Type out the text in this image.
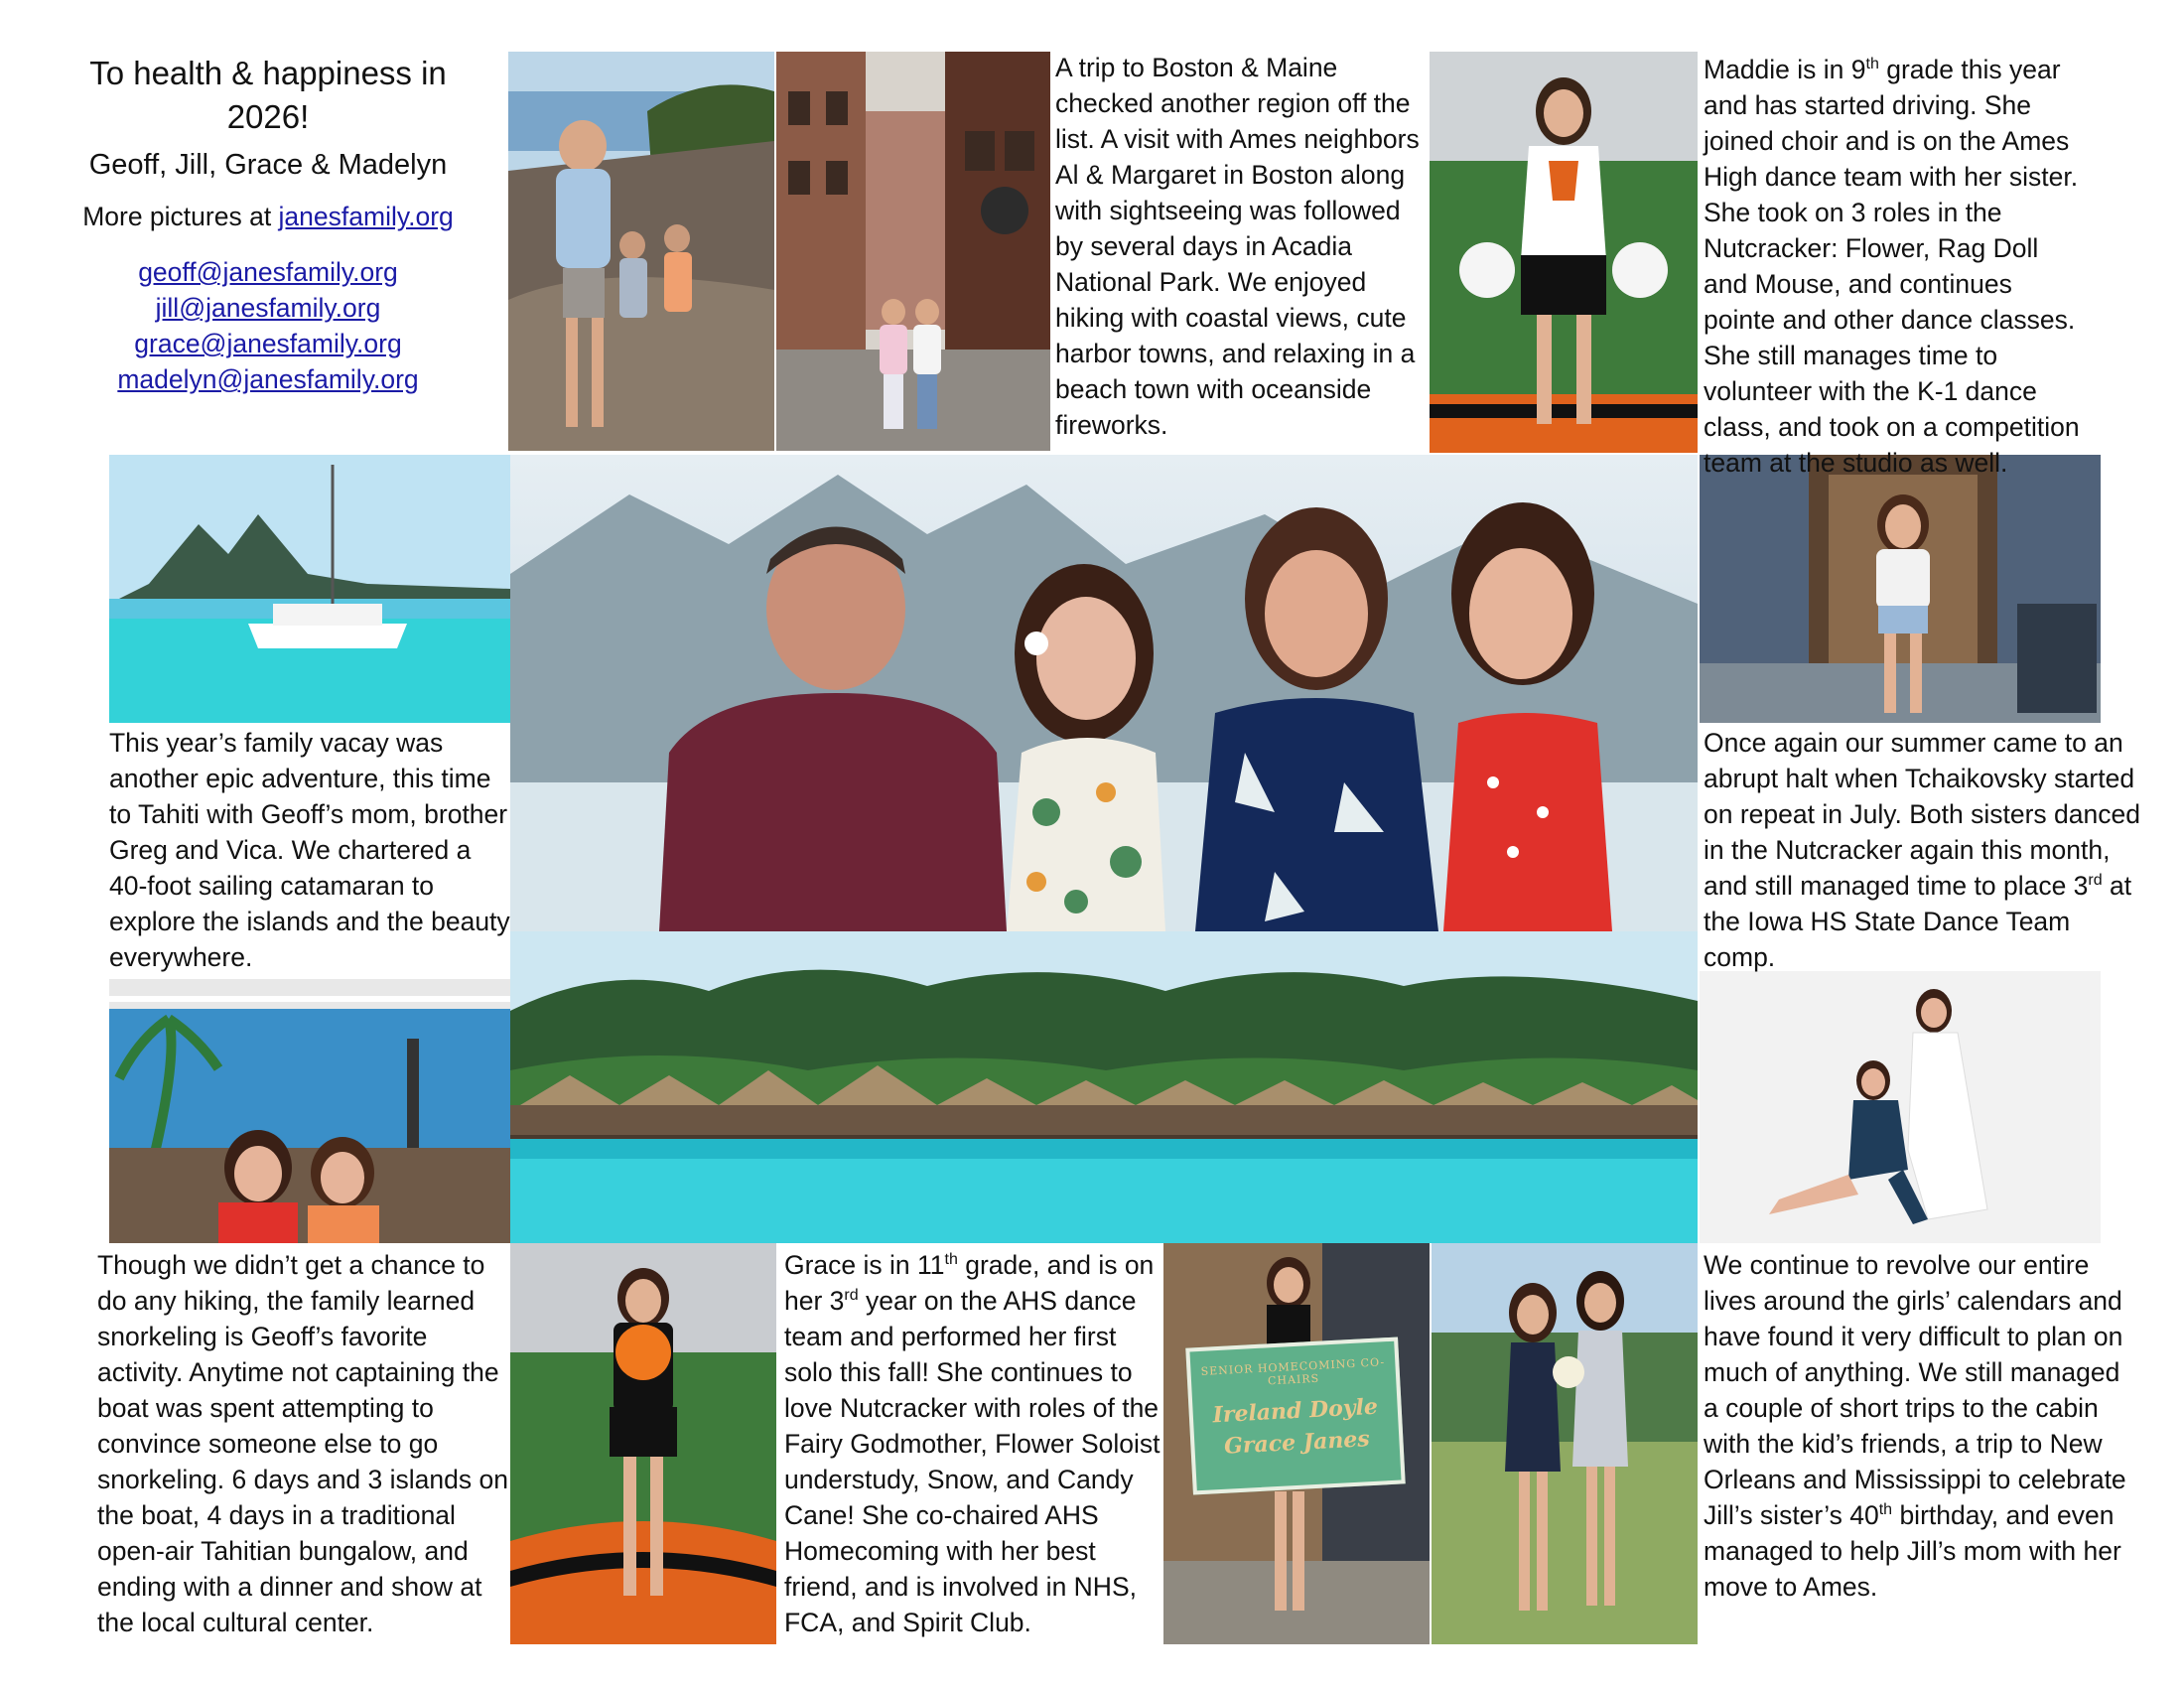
To health & happiness in 2026!
Geoff, Jill, Grace & Madelyn
More pictures at janesfamily.org
geoff@janesfamily.org
jill@janesfamily.org
grace@janesfamily.org
madelyn@janesfamily.org
SENIOR HOMECOMING CO-CHAIRS
Ireland Doyle
Grace Janes
A trip to Boston & Maine checked another region off the list. A visit with Ames neighbors Al & Margaret in Boston along with sightseeing was followed by several days in Acadia National Park. We enjoyed hiking with coastal views, cute harbor towns, and relaxing in a beach town with oceanside fireworks.
Maddie is in 9th grade this year and has started driving. She joined choir and is on the Ames High dance team with her sister. She took on 3 roles in the Nutcracker: Flower, Rag Doll and Mouse, and continues pointe and other dance classes. She still manages time to volunteer with the K-1 dance class, and took on a competition team at the studio as well.
This year’s family vacay was another epic adventure, this time to Tahiti with Geoff’s mom, brother Greg and Vica. We chartered a 40-foot sailing catamaran to explore the islands and the beauty everywhere.
Once again our summer came to an abrupt halt when Tchaikovsky started on repeat in July. Both sisters danced in the Nutcracker again this month, and still managed time to place 3rd at the Iowa HS State Dance Team comp.
Though we didn’t get a chance to do any hiking, the family learned snorkeling is Geoff’s favorite activity. Anytime not captaining the boat was spent attempting to convince someone else to go snorkeling. 6 days and 3 islands on the boat, 4 days in a traditional open-air Tahitian bungalow, and ending with a dinner and show at the local cultural center.
Grace is in 11th grade, and is on her 3rd year on the AHS dance team and performed her first solo this fall! She continues to love Nutcracker with roles of the Fairy Godmother, Flower Soloist understudy, Snow, and Candy Cane! She co-chaired AHS Homecoming with her best friend, and is involved in NHS, FCA, and Spirit Club.
We continue to revolve our entire lives around the girls’ calendars and have found it very difficult to plan on much of anything. We still managed a couple of short trips to the cabin with the kid’s friends, a trip to New Orleans and Mississippi to celebrate Jill’s sister’s 40th birthday, and even managed to help Jill’s mom with her move to Ames.
